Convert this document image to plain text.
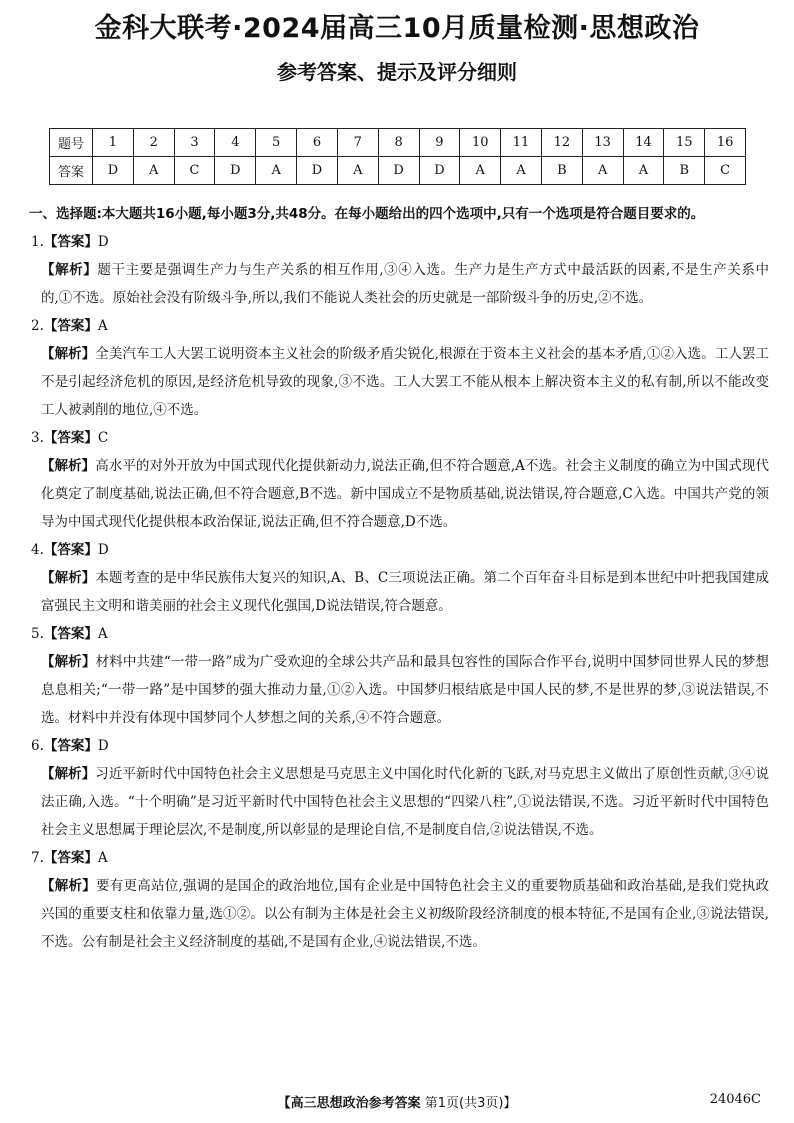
金科大联考·2024届高三10月质量检测·思想政治
参考答案、提示及评分细则
题号	1	2	3	4	5	6	7	8	9	10	11	12	13	14	15	16
答案	D	A	C	D	A	D	A	D	D	A	A	B	A	A	B	C

一、选择题:本大题共16小题,每小题3分,共48分。在每小题给出的四个选项中,只有一个选项是符合题目要求的。

1.【答案】D
【解析】题干主要是强调生产力与生产关系的相互作用,③④入选。生产力是生产方式中最活跃的因素,不是生产关系中的,①不选。原始社会没有阶级斗争,所以,我们不能说人类社会的历史就是一部阶级斗争的历史,②不选。
2.【答案】A
【解析】全美汽车工人大罢工说明资本主义社会的阶级矛盾尖锐化,根源在于资本主义社会的基本矛盾,①②入选。工人罢工不是引起经济危机的原因,是经济危机导致的现象,③不选。工人大罢工不能从根本上解决资本主义的私有制,所以不能改变工人被剥削的地位,④不选。
3.【答案】C
【解析】高水平的对外开放为中国式现代化提供新动力,说法正确,但不符合题意,A不选。社会主义制度的确立为中国式现代化奠定了制度基础,说法正确,但不符合题意,B不选。新中国成立不是物质基础,说法错误,符合题意,C入选。中国共产党的领导为中国式现代化提供根本政治保证,说法正确,但不符合题意,D不选。
4.【答案】D
【解析】本题考查的是中华民族伟大复兴的知识,A、B、C三项说法正确。第二个百年奋斗目标是到本世纪中叶把我国建成富强民主文明和谐美丽的社会主义现代化强国,D说法错误,符合题意。
5.【答案】A
【解析】材料中共建“一带一路”成为广受欢迎的全球公共产品和最具包容性的国际合作平台,说明中国梦同世界人民的梦想息息相关;“一带一路”是中国梦的强大推动力量,①②入选。中国梦归根结底是中国人民的梦,不是世界的梦,③说法错误,不选。材料中并没有体现中国梦同个人梦想之间的关系,④不符合题意。
6.【答案】D
【解析】习近平新时代中国特色社会主义思想是马克思主义中国化时代化新的飞跃,对马克思主义做出了原创性贡献,③④说法正确,入选。“十个明确”是习近平新时代中国特色社会主义思想的“四梁八柱”,①说法错误,不选。习近平新时代中国特色社会主义思想属于理论层次,不是制度,所以彰显的是理论自信,不是制度自信,②说法错误,不选。
7.【答案】A
【解析】要有更高站位,强调的是国企的政治地位,国有企业是中国特色社会主义的重要物质基础和政治基础,是我们党执政兴国的重要支柱和依靠力量,选①②。以公有制为主体是社会主义初级阶段经济制度的根本特征,不是国有企业,③说法错误,不选。公有制是社会主义经济制度的基础,不是国有企业,④说法错误,不选。
【高三思想政治参考答案 第1页(共3页)】	24046C
